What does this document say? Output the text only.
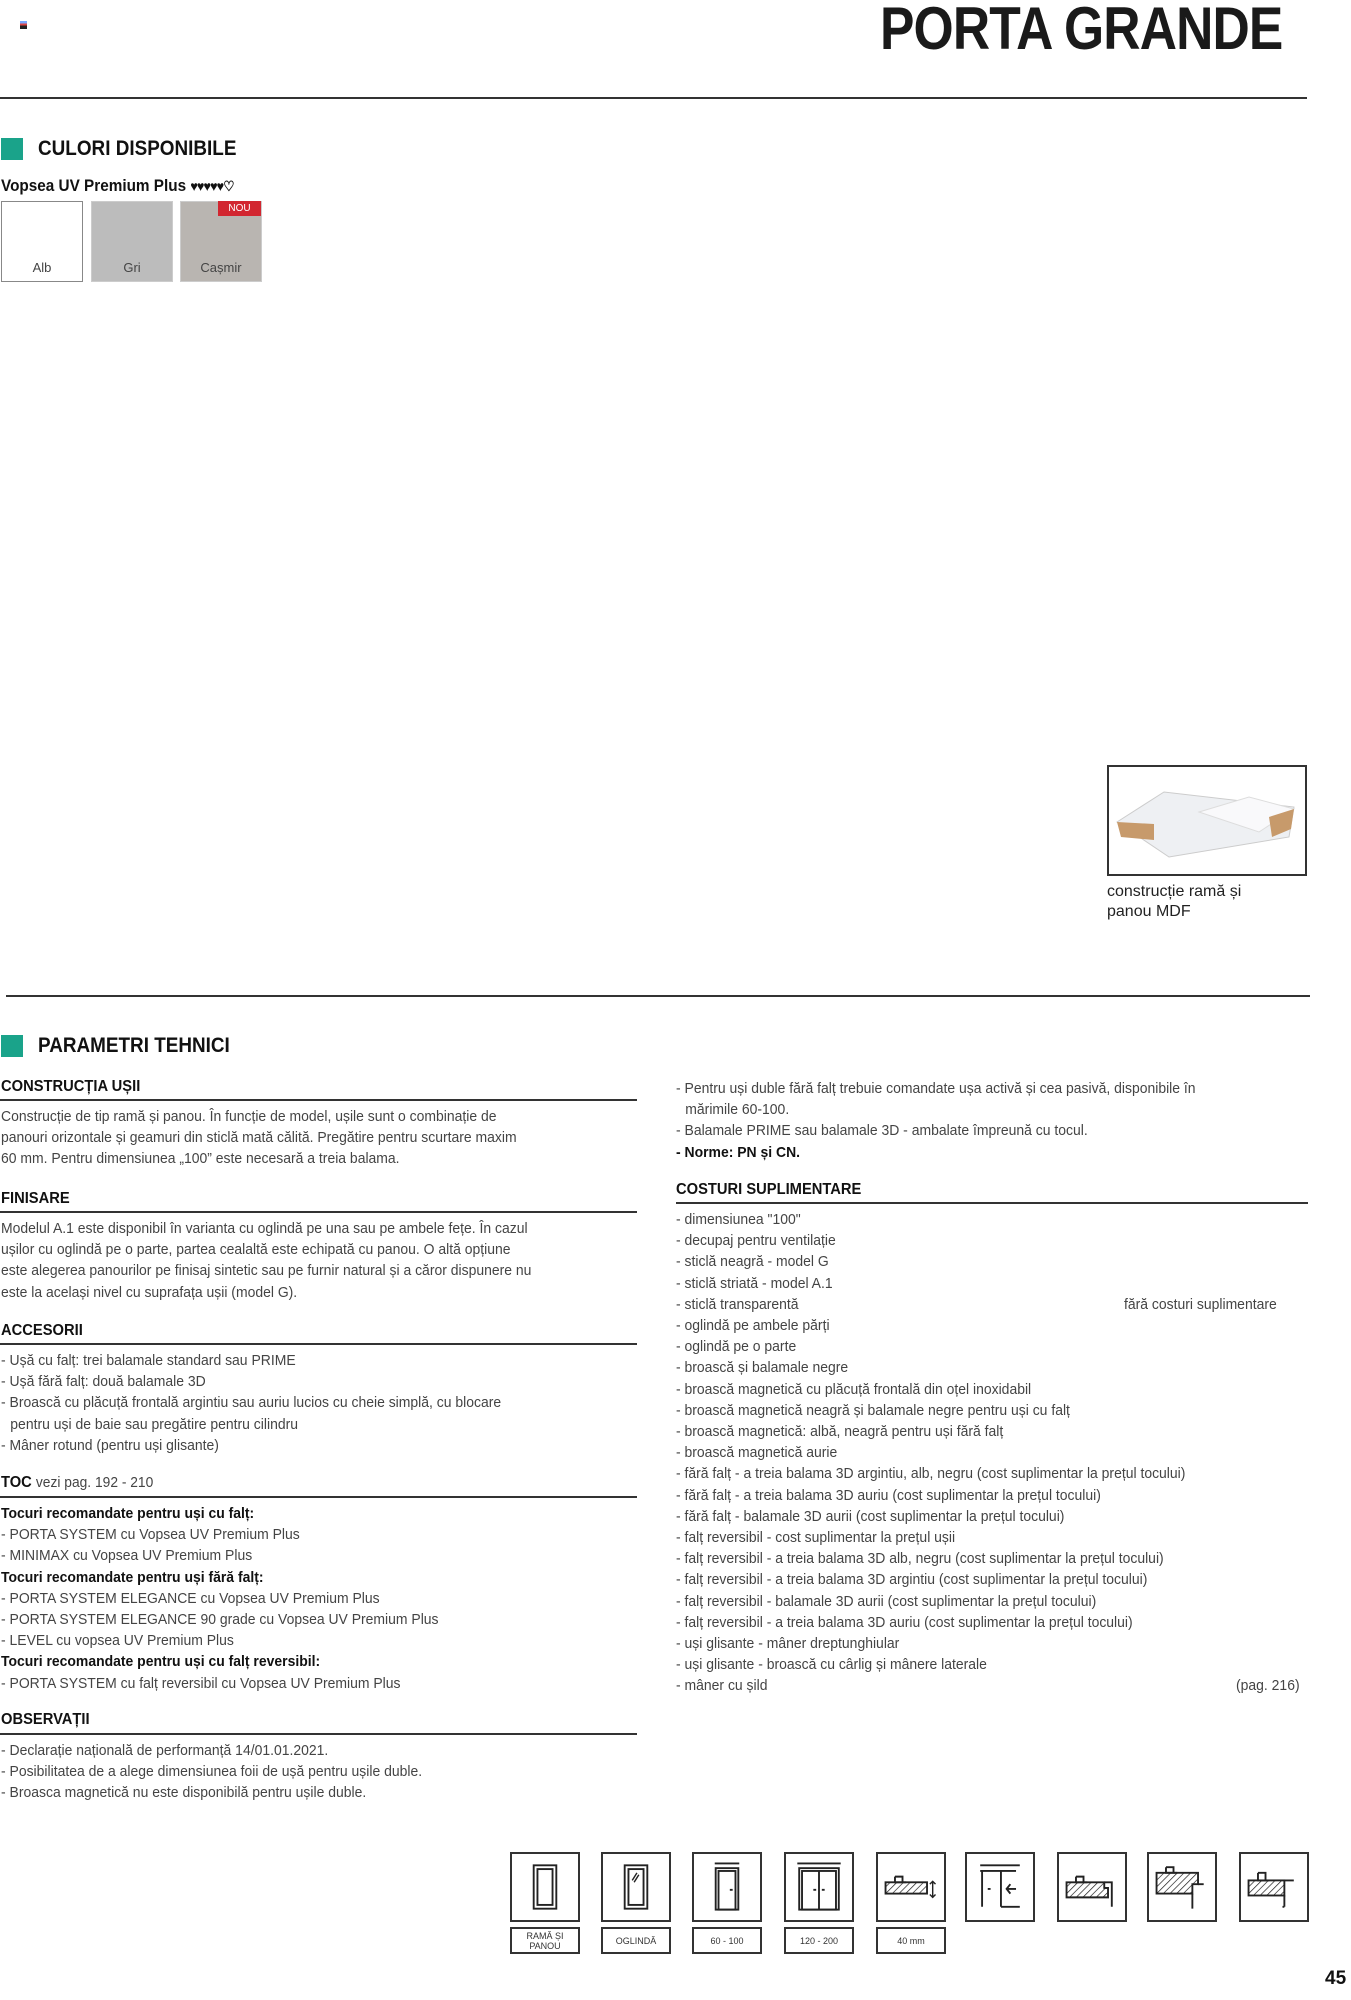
PORTA GRANDE
CULORI DISPONIBILE
Vopsea UV Premium Plus ♥♥♥♥♥♡
Alb	Gri	Cașmir
NOU
construcție ramă și
panou MDF
PARAMETRI TEHNICI
CONSTRUCȚIA UȘII
Construcție de tip ramă și panou. În funcție de model, ușile sunt o combinație de
panouri orizontale și geamuri din sticlă mată călită. Pregătire pentru scurtare maxim
60 mm. Pentru dimensiunea „100” este necesară a treia balama.
FINISARE
Modelul A.1 este disponibil în varianta cu oglindă pe una sau pe ambele fețe. În cazul
ușilor cu oglindă pe o parte, partea cealaltă este echipată cu panou. O altă opțiune
este alegerea panourilor pe finisaj sintetic sau pe furnir natural și a căror dispunere nu
este la același nivel cu suprafața ușii (model G).
ACCESORII
- Ușă cu falț: trei balamale standard sau PRIME
- Ușă fără falț: două balamale 3D
- Broască cu plăcuță frontală argintiu sau auriu lucios cu cheie simplă, cu blocare
pentru uși de baie sau pregătire pentru cilindru
- Mâner rotund (pentru uși glisante)
TOC vezi pag. 192 - 210
Tocuri recomandate pentru uși cu falț:
- PORTA SYSTEM cu Vopsea UV Premium Plus
- MINIMAX cu Vopsea UV Premium Plus
Tocuri recomandate pentru uși fără falț:
- PORTA SYSTEM ELEGANCE cu Vopsea UV Premium Plus
- PORTA SYSTEM ELEGANCE 90 grade cu Vopsea UV Premium Plus
- LEVEL cu vopsea UV Premium Plus
Tocuri recomandate pentru uși cu falț reversibil:
- PORTA SYSTEM cu falț reversibil cu Vopsea UV Premium Plus
OBSERVAȚII
- Declarație națională de performanță 14/01.01.2021.
- Posibilitatea de a alege dimensiunea foii de ușă pentru ușile duble.
- Broasca magnetică nu este disponibilă pentru ușile duble.
- Pentru uși duble fără falț trebuie comandate ușa activă și cea pasivă, disponibile în
mărimile 60-100.
- Balamale PRIME sau balamale 3D - ambalate împreună cu tocul.
- Norme: PN și CN.
COSTURI SUPLIMENTARE
- dimensiunea "100"
- decupaj pentru ventilație
- sticlă neagră - model G
- sticlă striată - model A.1
- sticlă transparentă
- oglindă pe ambele părți
- oglindă pe o parte
- broască și balamale negre
- broască magnetică cu plăcuță frontală din oțel inoxidabil
- broască magnetică neagră și balamale negre pentru uși cu falț
- broască magnetică: albă, neagră pentru uși fără falț
- broască magnetică aurie
- fără falț - a treia balama 3D argintiu, alb, negru (cost suplimentar la prețul tocului)
- fără falț - a treia balama 3D auriu (cost suplimentar la prețul tocului)
- fără falț - balamale 3D aurii (cost suplimentar la prețul tocului)
- falț reversibil - cost suplimentar la prețul ușii
- falț reversibil - a treia balama 3D alb, negru (cost suplimentar la prețul tocului)
- falț reversibil - a treia balama 3D argintiu (cost suplimentar la prețul tocului)
- falț reversibil - balamale 3D aurii (cost suplimentar la prețul tocului)
- falț reversibil - a treia balama 3D auriu (cost suplimentar la prețul tocului)
- uși glisante - mâner dreptunghiular
- uși glisante - broască cu cârlig și mânere laterale
- mâner cu șild
fără costuri suplimentare
(pag. 216)
RAMĂ ȘI PANOU	OGLINDĂ	60 - 100	120 - 200	40 mm
45
